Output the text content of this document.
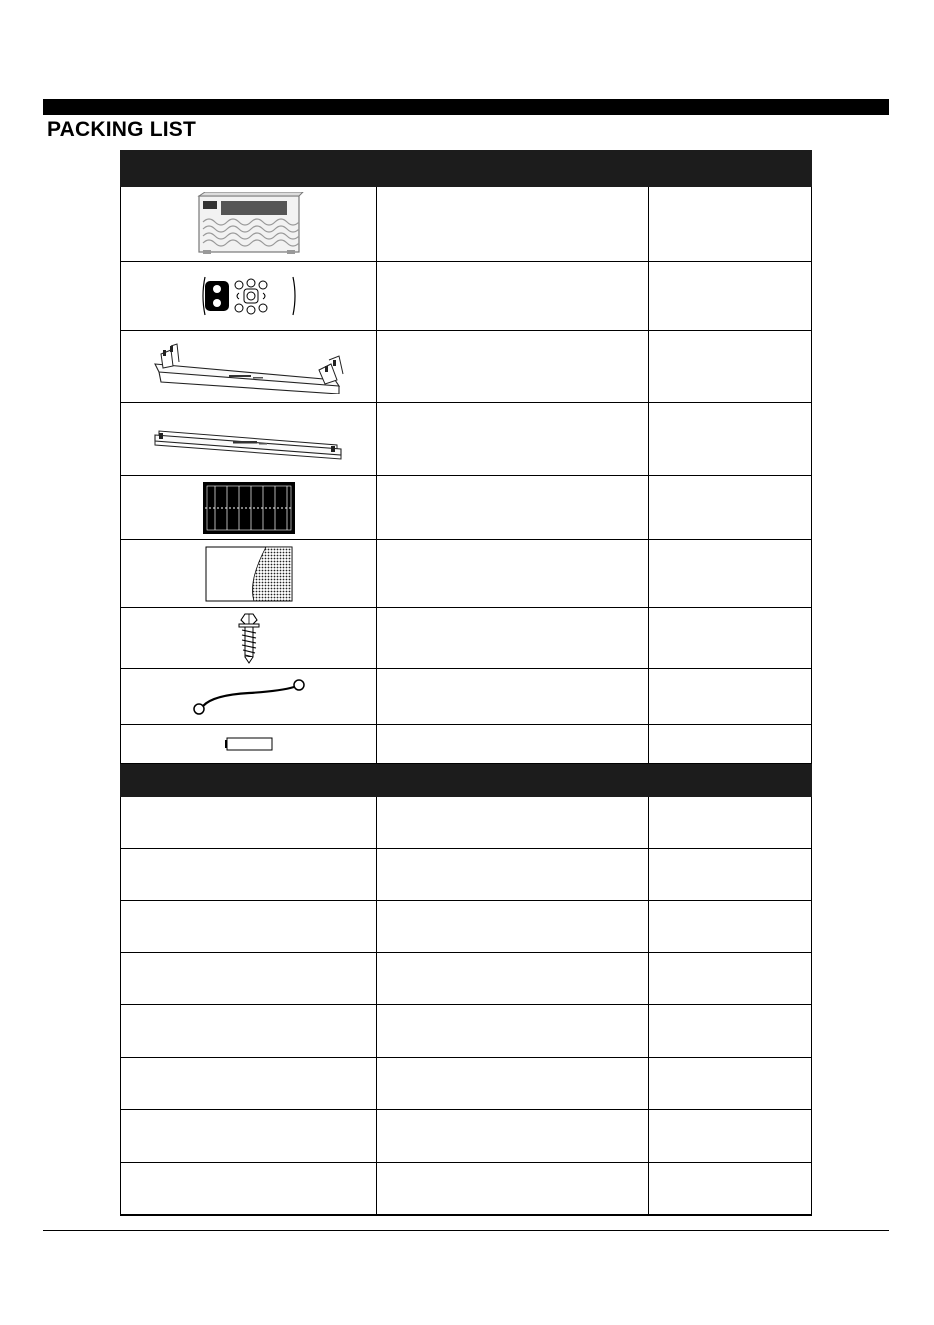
PACKING LIST
